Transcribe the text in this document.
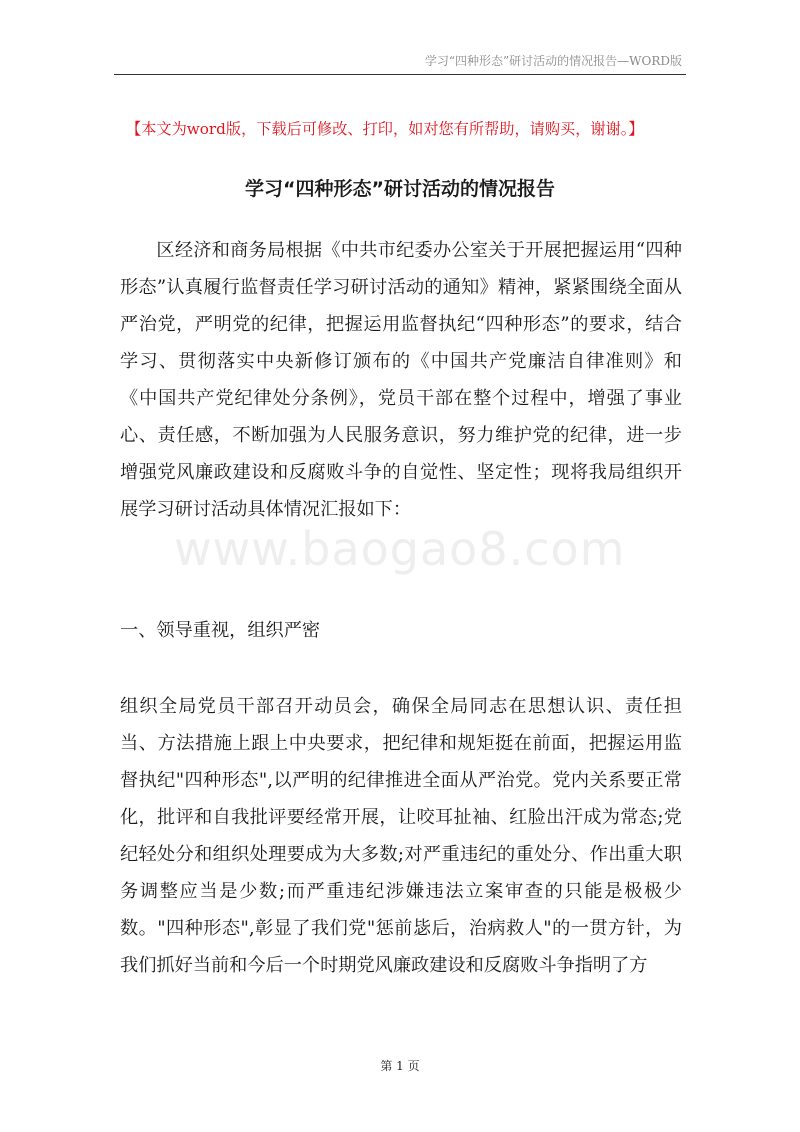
学习“四种形态”研讨活动的情况报告—WORD版
【本文为word版，下载后可修改、打印，如对您有所帮助，请购买，谢谢。】
学习“四种形态”研讨活动的情况报告

区经济和商务局根据《中共市纪委办公室关于开展把握运用“四种形态”认真履行监督责任学习研讨活动的通知》精神，紧紧围绕全面从严治党，严明党的纪律，把握运用监督执纪“四种形态”的要求，结合学习、贯彻落实中央新修订颁布的《中国共产党廉洁自律准则》和《中国共产党纪律处分条例》，党员干部在整个过程中，增强了事业心、责任感，不断加强为人民服务意识，努力维护党的纪律，进一步增强党风廉政建设和反腐败斗争的自觉性、坚定性；现将我局组织开展学习研讨活动具体情况汇报如下：

www.baogao8.com
一、领导重视，组织严密

组织全局党员干部召开动员会，确保全局同志在思想认识、责任担当、方法措施上跟上中央要求，把纪律和规矩挺在前面，把握运用监督执纪"四种形态",以严明的纪律推进全面从严治党。党内关系要正常化，批评和自我批评要经常开展，让咬耳扯袖、红脸出汗成为常态;党纪轻处分和组织处理要成为大多数;对严重违纪的重处分、作出重大职务调整应当是少数;而严重违纪涉嫌违法立案审查的只能是极极少数。"四种形态",彰显了我们党"惩前毖后，治病救人"的一贯方针，为我们抓好当前和今后一个时期党风廉政建设和反腐败斗争指明了方

第 1 页
